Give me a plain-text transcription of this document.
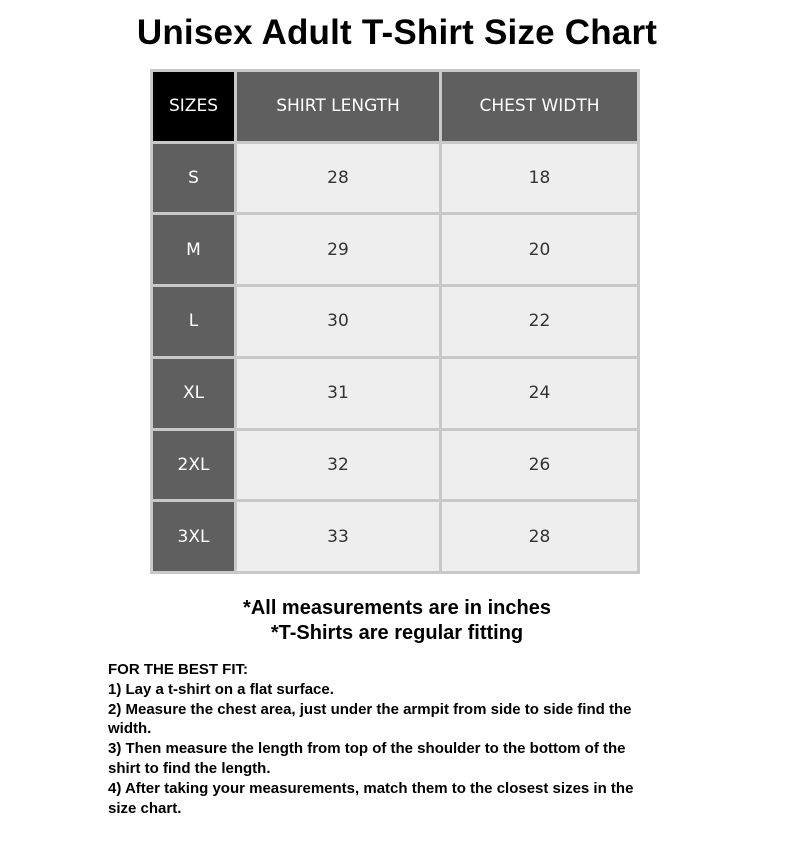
Unisex Adult T-Shirt Size Chart
SIZES	SHIRT LENGTH	CHEST WIDTH
S	28	18
M	29	20
L	30	22
XL	31	24
2XL	32	26
3XL	33	28
*All measurements are in inches
*T-Shirts are regular fitting
FOR THE BEST FIT:
1) Lay a t-shirt on a flat surface.
2) Measure the chest area, just under the armpit from side to side find the
width.
3) Then measure the length from top of the shoulder to the bottom of the
shirt to find the length.
4) After taking your measurements, match them to the closest sizes in the
size chart.
